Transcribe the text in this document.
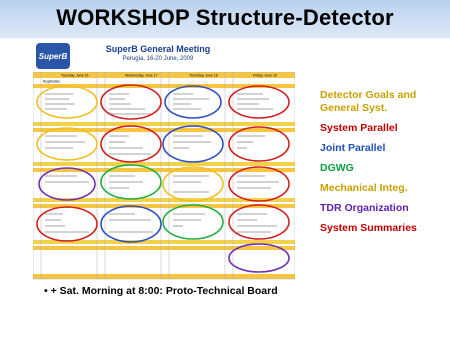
WORKSHOP Structure-Detector
SuperB
SuperB General Meeting
Perugia, 16-20 June, 2009
Tuesday, June 16	Wednesday, June 17	Thursday, June 18	Friday, June 19
Registration
Detector Goals and General Syst.
System Parallel
Joint Parallel
DGWG
Mechanical Integ.
TDR Organization
System Summaries
• + Sat. Morning at 8:00: Proto-Technical Board
